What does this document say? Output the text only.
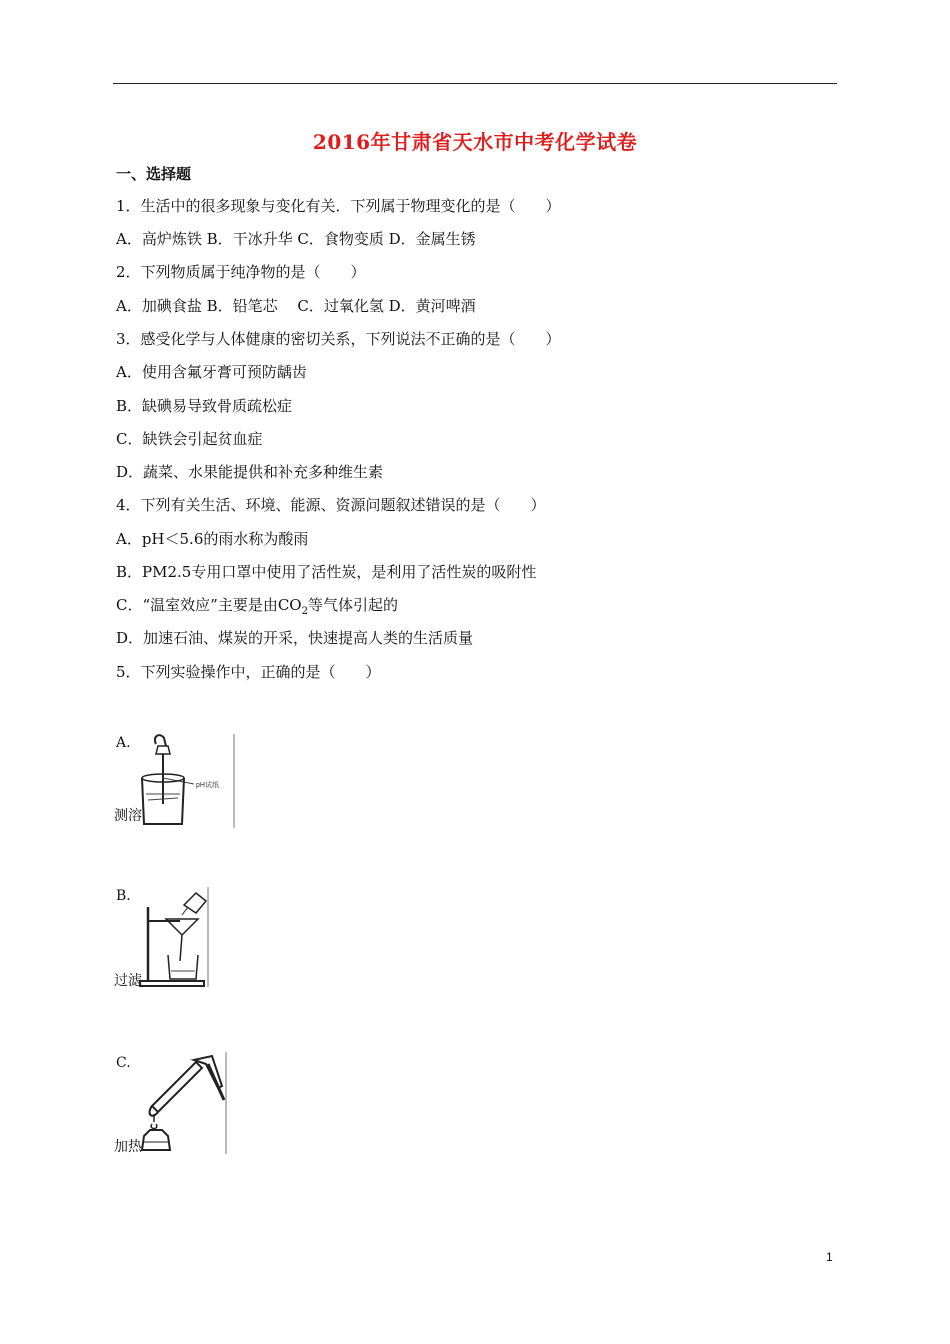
2016年甘肃省天水市中考化学试卷
一、选择题
1．生活中的很多现象与变化有关．下列属于物理变化的是（　　）
A．高炉炼铁 B．干冰升华 C．食物变质 D．金属生锈
2．下列物质属于纯净物的是（　　）
A．加碘食盐 B．铅笔芯　 C．过氧化氢 D．黄河啤酒
3．感受化学与人体健康的密切关系，下列说法不正确的是（　　）
A．使用含氟牙膏可预防龋齿
B．缺碘易导致骨质疏松症
C．缺铁会引起贫血症
D．蔬菜、水果能提供和补充多种维生素
4．下列有关生活、环境、能源、资源问题叙述错误的是（　　）
A．pH＜5.6的雨水称为酸雨
B．PM2.5专用口罩中使用了活性炭，是利用了活性炭的吸附性
C．“温室效应”主要是由$CO_2$等气体引起的
D．加速石油、煤炭的开采，快速提高人类的生活质量
5．下列实验操作中，正确的是（　　）
A.
测溶
pH试纸
B.
过滤
C.
加热
1
